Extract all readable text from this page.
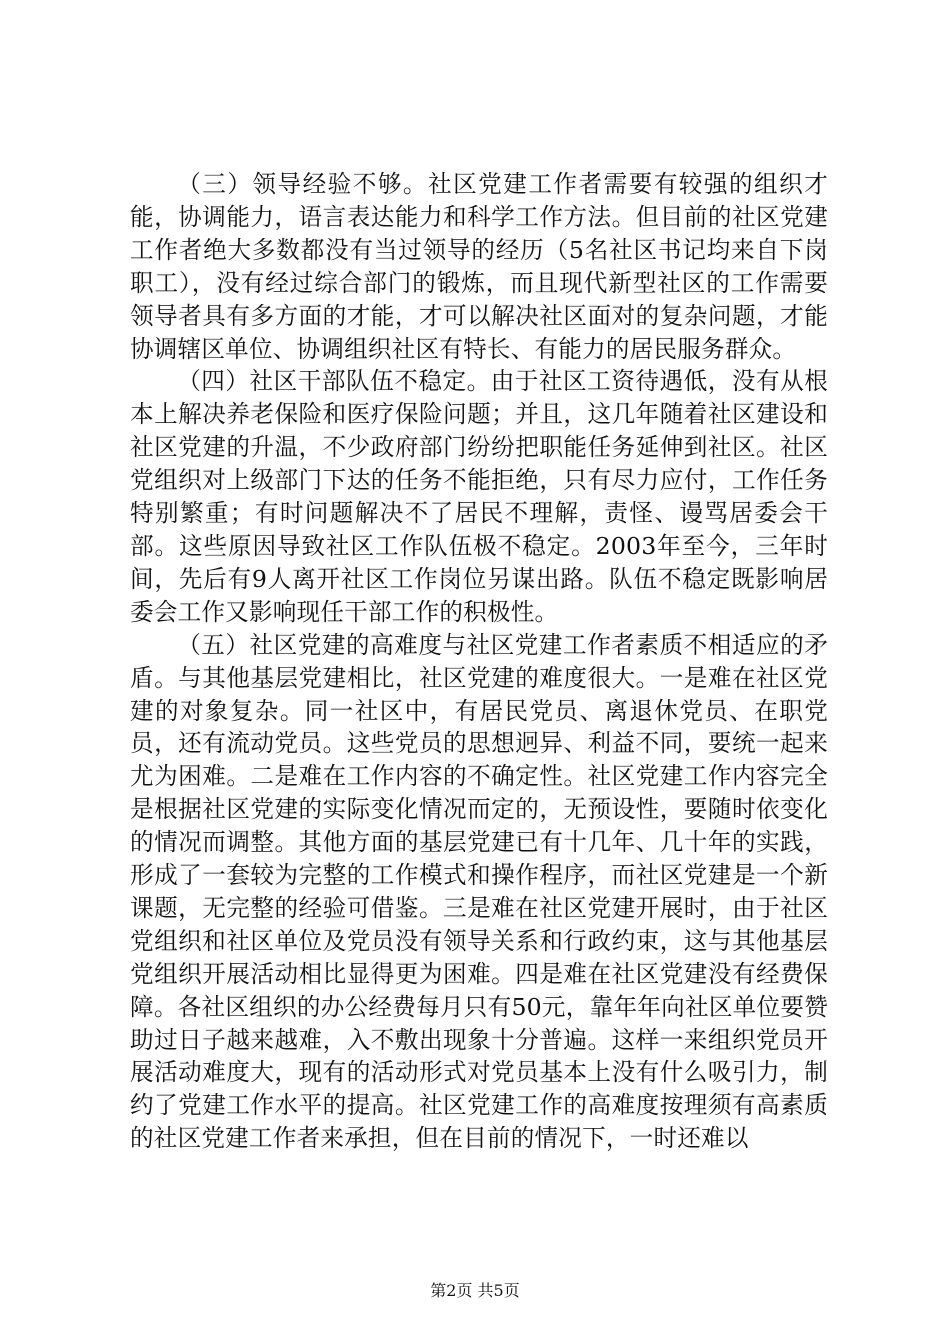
（三）领导经验不够。社区党建工作者需要有较强的组织才能，协调能力，语言表达能力和科学工作方法。但目前的社区党建工作者绝大多数都没有当过领导的经历（5名社区书记均来自下岗职工），没有经过综合部门的锻炼，而且现代新型社区的工作需要领导者具有多方面的才能，才可以解决社区面对的复杂问题，才能协调辖区单位、协调组织社区有特长、有能力的居民服务群众。

（四）社区干部队伍不稳定。由于社区工资待遇低，没有从根本上解决养老保险和医疗保险问题；并且，这几年随着社区建设和社区党建的升温，不少政府部门纷纷把职能任务延伸到社区。社区党组织对上级部门下达的任务不能拒绝，只有尽力应付，工作任务特别繁重；有时问题解决不了居民不理解，责怪、谩骂居委会干部。这些原因导致社区工作队伍极不稳定。2003年至今，三年时间，先后有9人离开社区工作岗位另谋出路。队伍不稳定既影响居委会工作又影响现任干部工作的积极性。

（五）社区党建的高难度与社区党建工作者素质不相适应的矛盾。与其他基层党建相比，社区党建的难度很大。一是难在社区党建的对象复杂。同一社区中，有居民党员、离退休党员、在职党员，还有流动党员。这些党员的思想迥异、利益不同，要统一起来尤为困难。二是难在工作内容的不确定性。社区党建工作内容完全是根据社区党建的实际变化情况而定的，无预设性，要随时依变化的情况而调整。其他方面的基层党建已有十几年、几十年的实践，形成了一套较为完整的工作模式和操作程序，而社区党建是一个新课题，无完整的经验可借鉴。三是难在社区党建开展时，由于社区党组织和社区单位及党员没有领导关系和行政约束，这与其他基层党组织开展活动相比显得更为困难。四是难在社区党建没有经费保障。各社区组织的办公经费每月只有50元，靠年年向社区单位要赞助过日子越来越难，入不敷出现象十分普遍。这样一来组织党员开展活动难度大，现有的活动形式对党员基本上没有什么吸引力，制约了党建工作水平的提高。社区党建工作的高难度按理须有高素质的社区党建工作者来承担，但在目前的情况下，一时还难以

第2页 共5页
